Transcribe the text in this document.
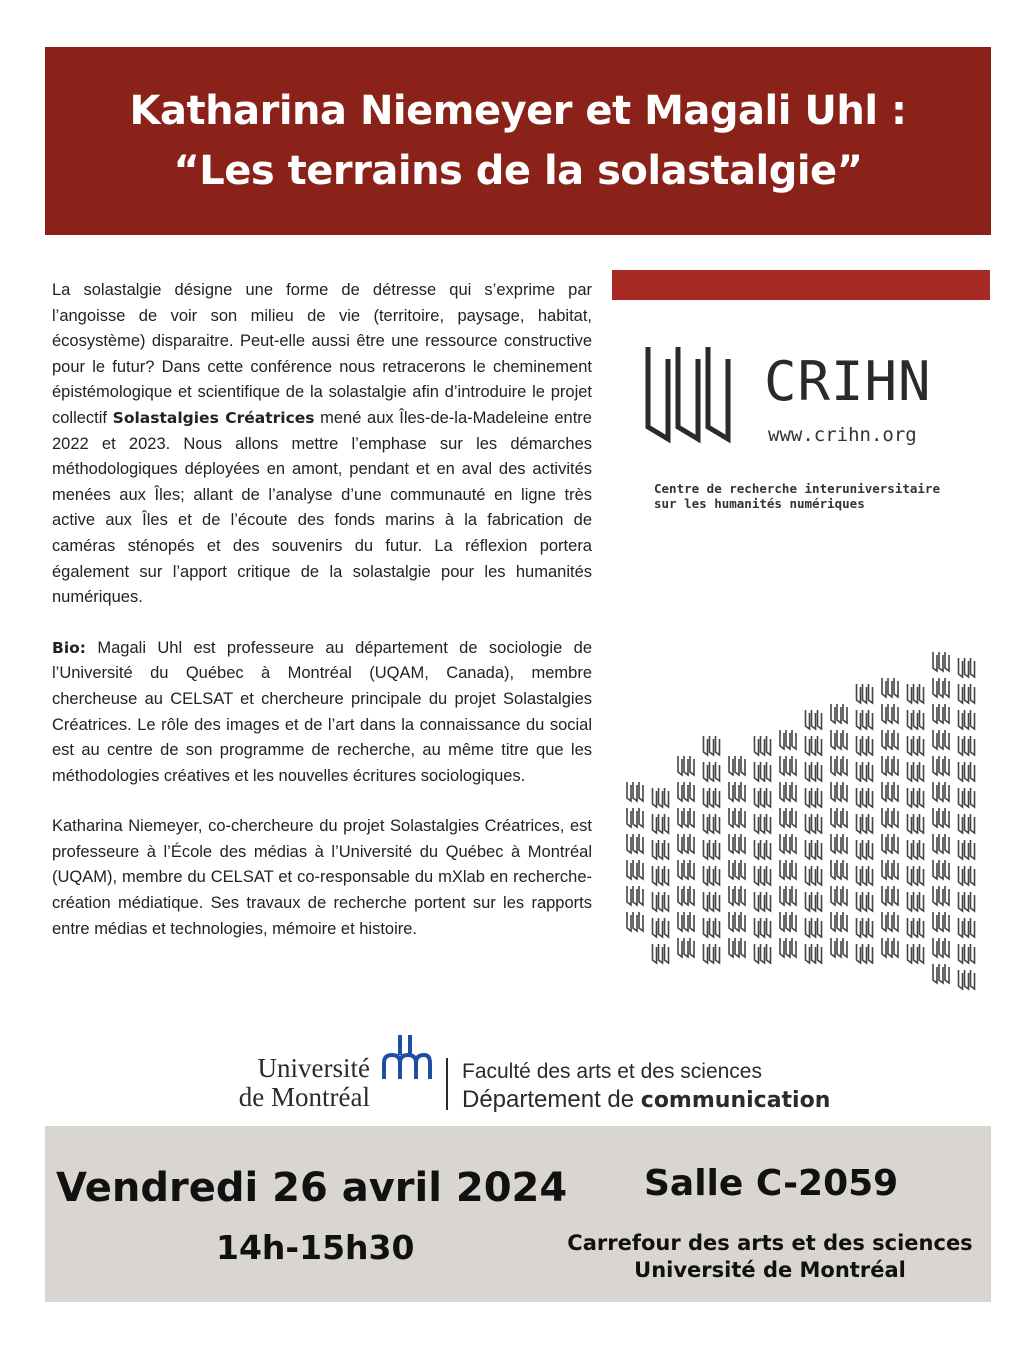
Katharina Niemeyer et Magali Uhl :
“Les terrains de la solastalgie”

La solastalgie désigne une forme de détresse qui s’exprime par l’angoisse de voir son milieu de vie (territoire, paysage, habitat, écosystème) disparaitre. Peut-elle aussi être une ressource constructive pour le futur? Dans cette conférence nous retracerons le cheminement épistémologique et scientifique de la solastalgie afin d’introduire le projet collectif Solastalgies Créatrices mené aux Îles-de-la-Madeleine entre 2022 et 2023. Nous allons mettre l’emphase sur les démarches méthodologiques déployées en amont, pendant et en aval des activités menées aux Îles; allant de l’analyse d’une communauté en ligne très active aux Îles et de l’écoute des fonds marins à la fabrication de caméras sténopés et des souvenirs du futur. La réflexion portera également sur l’apport critique de la solastalgie pour les humanités numériques.

Bio: Magali Uhl est professeure au département de sociologie de l’Université du Québec à Montréal (UQAM, Canada), membre chercheuse au CELSAT et chercheure principale du projet Solastalgies Créatrices. Le rôle des images et de l’art dans la connaissance du social est au centre de son programme de recherche, au même titre que les méthodologies créatives et les nouvelles écritures sociologiques.

Katharina Niemeyer, co-chercheure du projet Solastalgies Créatrices, est professeure à l’École des médias à l’Université du Québec à Montréal (UQAM), membre du CELSAT et co-responsable du mXlab en recherche-création médiatique. Ses travaux de recherche portent sur les rapports entre médias et technologies, mémoire et histoire.

CRIHN
www.crihn.org
Centre de recherche interuniversitaire
sur les humanités numériques
Université
de Montréal
Faculté des arts et des sciences
Département de communication
Vendredi 26 avril 2024
14h-15h30
Salle C-2059
Carrefour des arts et des sciences
Université de Montréal
